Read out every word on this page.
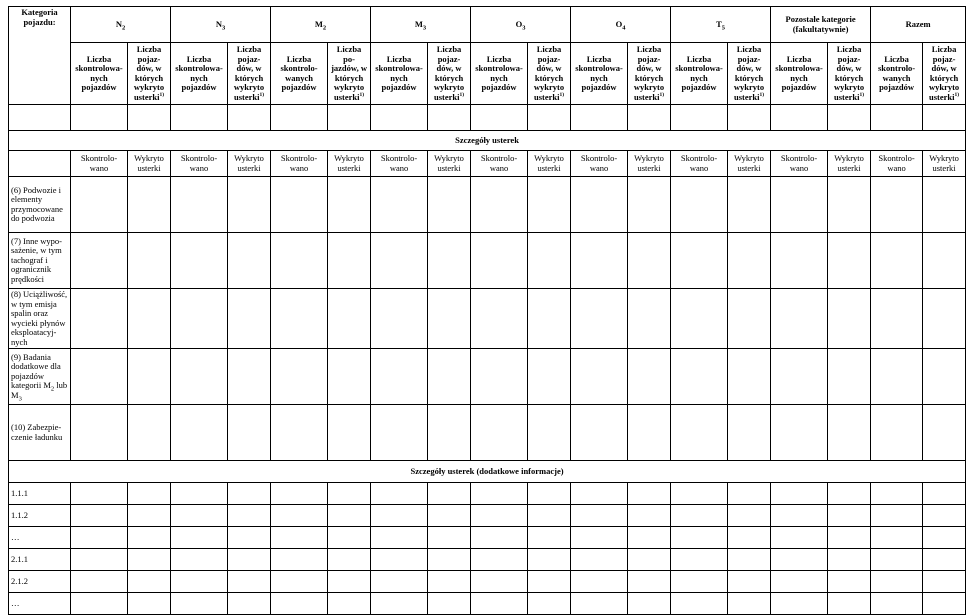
Kategoria pojazdu:	$N_2$		$N_3$		$M_2$		$M_3$		$O_3$		$O_4$		$T_5$		Pozostałe kategorie (fakultatywnie)		Razem	
	Liczba skontrolowa-nych pojazdów	Liczba pojaz-dów, w których wykryto usterki$^{1)}$	Liczba skontrolowa-nych pojazdów	Liczba pojaz-dów, w których wykryto usterki$^{1)}$	Liczba skontrolo-wanych pojazdów	Liczba po-jazdów, w których wykryto usterki$^{1)}$	Liczba skontrolowa-nych pojazdów	Liczba pojaz-dów, w których wykryto usterki$^{1)}$	Liczba skontrolowa-nych pojazdów	Liczba pojaz-dów, w których wykryto usterki$^{1)}$	Liczba skontrolowa-nych pojazdów	Liczba pojaz-dów, w których wykryto usterki$^{1)}$	Liczba skontrolowa-nych pojazdów	Liczba pojaz-dów, w których wykryto usterki$^{1)}$	Liczba skontrolowa-nych pojazdów	Liczba pojaz-dów, w których wykryto usterki$^{1)}$	Liczba skontrolo-wanych pojazdów	Liczba pojaz-dów, w których wykryto usterki$^{1)}$

Szczegóły usterek																		
	Skontrolo-wano	Wykryto usterki	Skontrolo-wano	Wykryto usterki	Skontrolo-wano	Wykryto usterki	Skontrolo-wano	Wykryto usterki	Skontrolo-wano	Wykryto usterki	Skontrolo-wano	Wykryto usterki	Skontrolo-wano	Wykryto usterki	Skontrolo-wano	Wykryto usterki	Skontrolo-wano	Wykryto usterki
(6) Podwozie i elementy przymocowane do podwozia																		
(7) Inne wypo-sażenie, w tym tachograf i ogranicznik prędkości																		
(8) Uciążliwość, w tym emisja spalin oraz wycieki płynów eksploatacyj-nych																		
(9) Badania dodatkowe dla pojazdów kategorii $M_2$ lub $M_3$																		
(10) Zabezpie-czenie ładunku																		
Szczegóły usterek (dodatkowe informacje)																		
1.1.1																		
1.1.2																		
…																		
2.1.1																		
2.1.2																		
…																		
